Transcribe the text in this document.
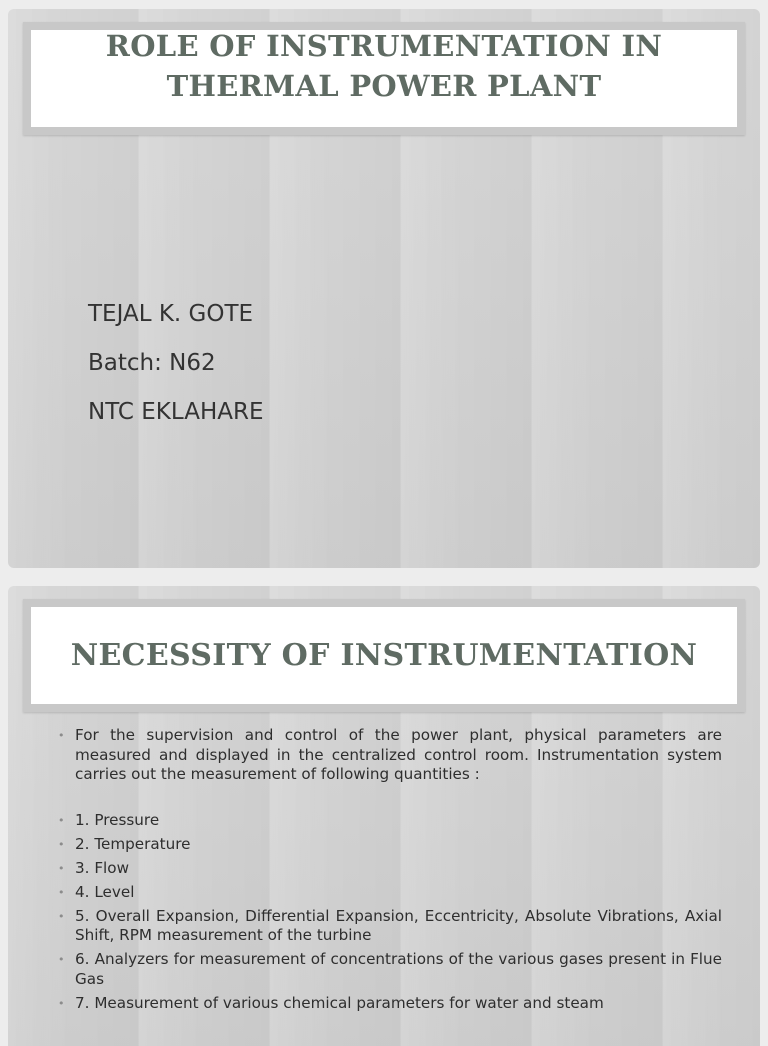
ROLE OF INSTRUMENTATION IN
THERMAL POWER PLANT
TEJAL K. GOTE
Batch: N62
NTC EKLAHARE
NECESSITY OF INSTRUMENTATION
• For the supervision and control of the power plant, physical parameters are measured and displayed in the centralized control room. Instrumentation system carries out the measurement of following quantities :
• 1. Pressure
• 2. Temperature
• 3. Flow
• 4. Level
• 5. Overall Expansion, Differential Expansion, Eccentricity, Absolute Vibrations, Axial Shift, RPM measurement of the turbine
• 6. Analyzers for measurement of concentrations of the various gases present in Flue Gas
• 7. Measurement of various chemical parameters for water and steam
